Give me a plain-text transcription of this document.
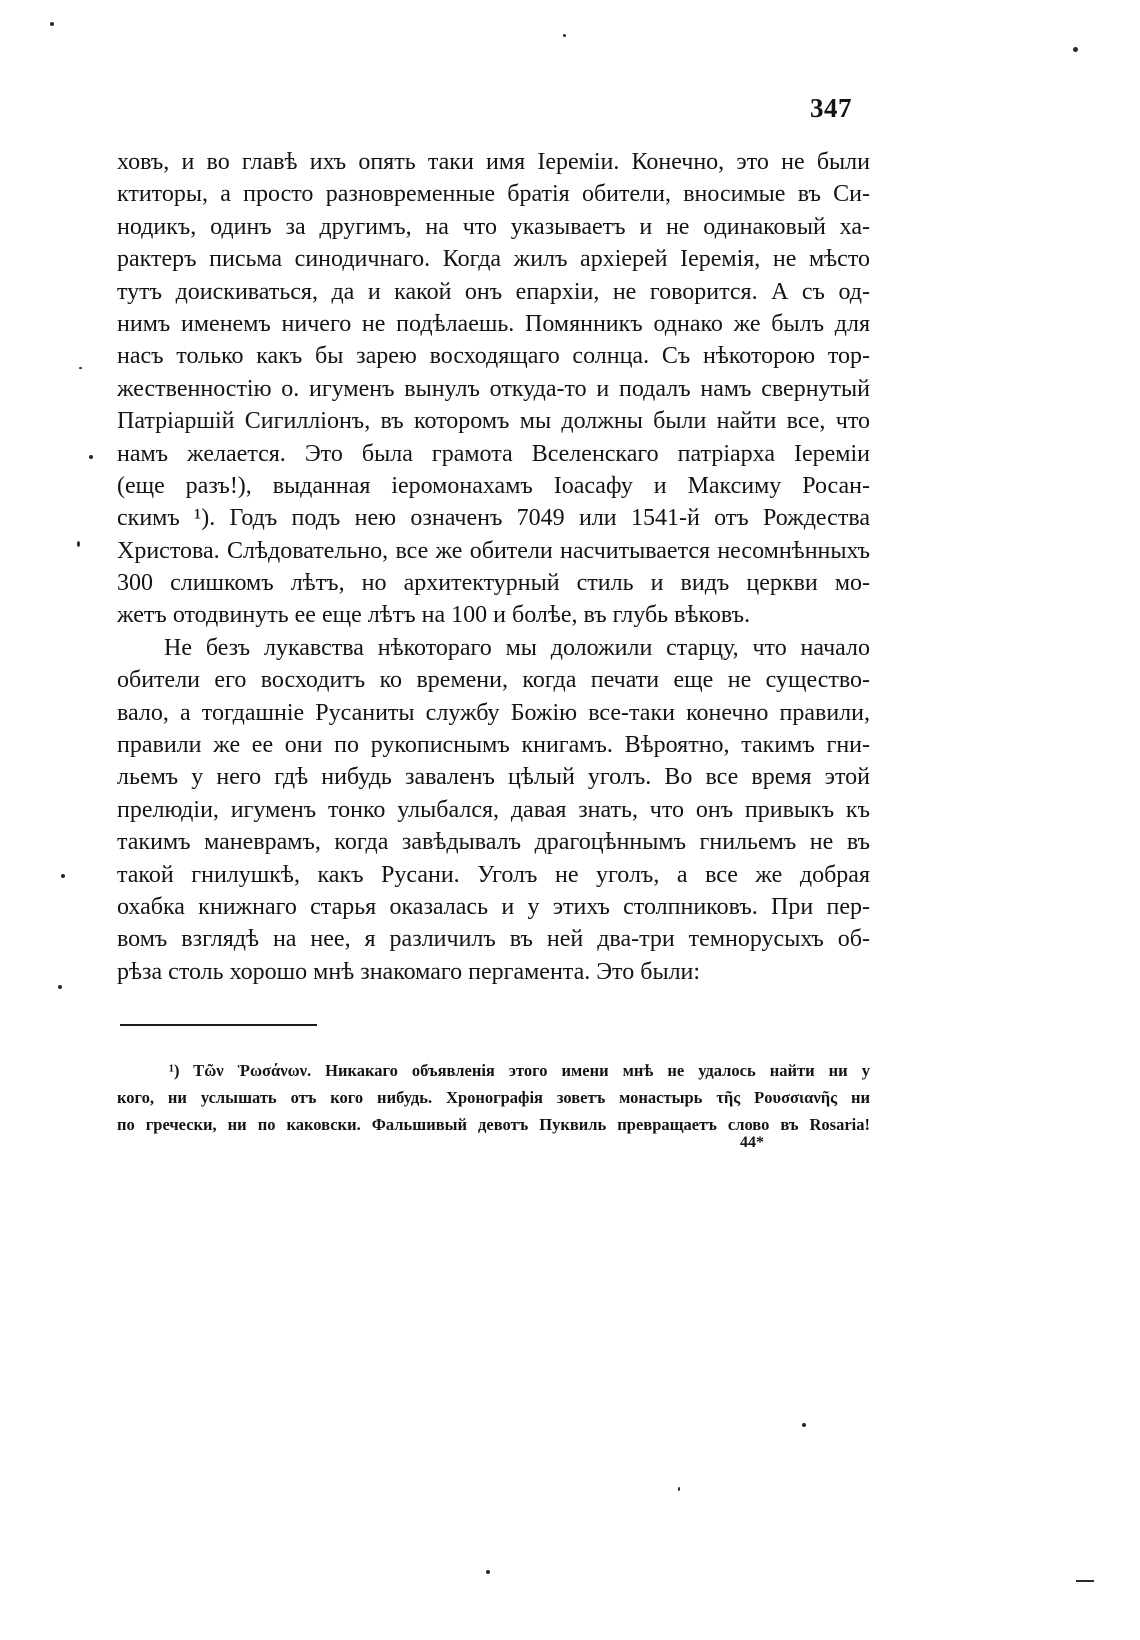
347
ховъ, и во главѣ ихъ опять таки имя Іереміи. Конечно, это не были
ктиторы, а просто разновременные братія обители, вносимые въ Си-
нодикъ, одинъ за другимъ, на что указываетъ и не одинаковый ха-
рактеръ письма синодичнаго. Когда жилъ архіерей Іеремія, не мѣсто
тутъ доискиваться, да и какой онъ епархіи, не говорится. А съ од-
нимъ именемъ ничего не подѣлаешь. Помянникъ однако же былъ для
насъ только какъ бы зарею восходящаго солнца. Съ нѣкоторою тор-
жественностію о. игуменъ вынулъ откуда-то и подалъ намъ свернутый
Патріаршій Сигилліонъ, въ которомъ мы должны были найти все, что
намъ желается. Это была грамота Вселенскаго патріарха Іереміи
(еще разъ!), выданная іеромонахамъ Іоасафу и Максиму Росан-
скимъ ¹). Годъ подъ нею означенъ 7049 или 1541-й отъ Рождества
Христова. Слѣдовательно, все же обители насчитывается несомнѣнныхъ
300 слишкомъ лѣтъ, но архитектурный стиль и видъ церкви мо-
жетъ отодвинуть ее еще лѣтъ на 100 и болѣе, въ глубь вѣковъ.
Не безъ лукавства нѣкотораго мы доложили старцу, что начало
обители его восходитъ ко времени, когда печати еще не существо-
вало, а тогдашніе Русаниты службу Божію все-таки конечно правили,
правили же ее они по рукописнымъ книгамъ. Вѣроятно, такимъ гни-
льемъ у него гдѣ нибудь заваленъ цѣлый уголъ. Во все время этой
прелюдіи, игуменъ тонко улыбался, давая знать, что онъ привыкъ къ
такимъ маневрамъ, когда завѣдывалъ драгоцѣннымъ гнильемъ не въ
такой гнилушкѣ, какъ Русани. Уголъ не уголъ, а все же добрая
охабка книжнаго старья оказалась и у этихъ столпниковъ. При пер-
вомъ взглядѣ на нее, я различилъ въ ней два-три темнорусыхъ об-
рѣза столь хорошо мнѣ знакомаго пергамента. Это были:
¹) Τῶν Ῥωσάνων. Никакаго объявленія этого имени мнѣ не удалось найти ни у
кого, ни услышать отъ кого нибудь. Хронографія зоветъ монастырь τῆς Ρουσσιανῆς ни
по гречески, ни по каковски. Фальшивый девотъ Пуквиль превращаетъ слово въ Rosaria!
44*
